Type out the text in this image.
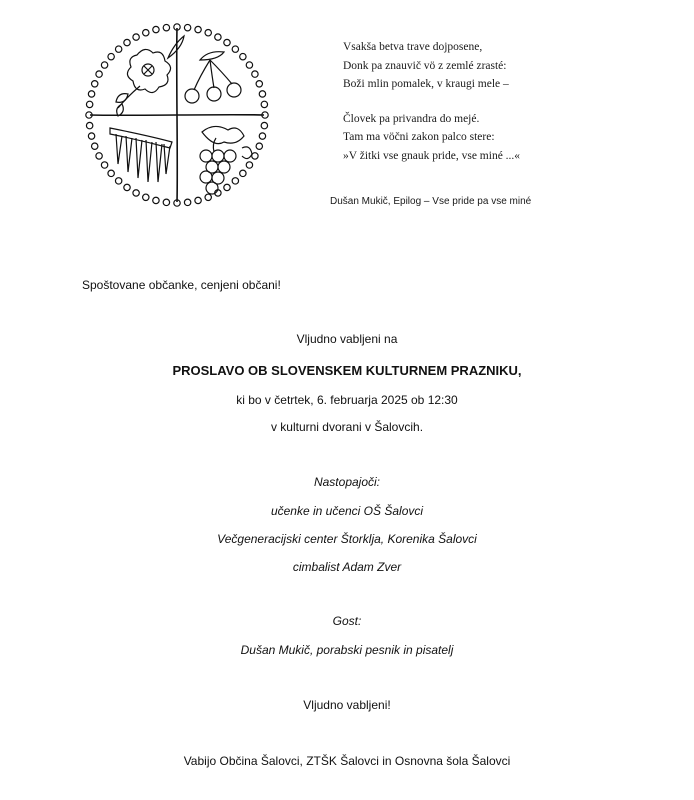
Vsakša betva trave dojposene,
Donk pa znauvič vö z zemlé zrasté:
Boži mlin pomalek, v kraugi mele –
Človek pa privandra do mejé.
Tam ma vöčni zakon palco stere:
»V žitki vse gnauk pride, vse miné ...«
Dušan Mukič, Epilog – Vse pride pa vse miné
Spoštovane občanke, cenjeni občani!
Vljudno vabljeni na
PROSLAVO OB SLOVENSKEM KULTURNEM PRAZNIKU,
ki bo v četrtek, 6. februarja 2025 ob 12:30
v kulturni dvorani v Šalovcih.
Nastopajoči:
učenke in učenci OŠ Šalovci
Večgeneracijski center Štorklja, Korenika Šalovci
cimbalist Adam Zver
Gost:
Dušan Mukič, porabski pesnik in pisatelj
Vljudno vabljeni!
Vabijo Občina Šalovci, ZTŠK Šalovci in Osnovna šola Šalovci
